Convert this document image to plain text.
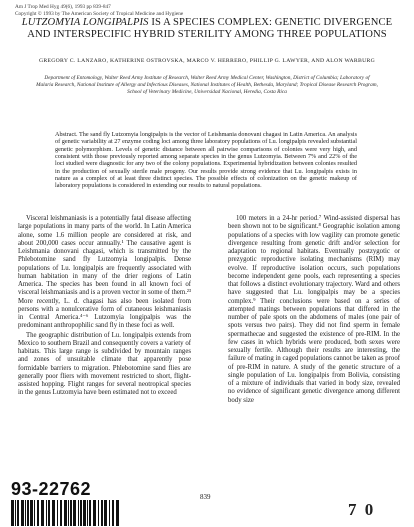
Am J Trop Med Hyg 49(6), 1993 pp 839-847
Copyright © 1993 by The American Society of Tropical Medicine and Hygiene
LUTZOMYIA LONGIPALPIS IS A SPECIES COMPLEX: GENETIC DIVERGENCE AND INTERSPECIFIC HYBRID STERILITY AMONG THREE POPULATIONS
GREGORY C. LANZARO, KATHERINE OSTROVSKA, MARCO V. HERRERO, PHILLIP G. LAWYER, AND ALON WARBURG
Department of Entomology, Walter Reed Army Institute of Research, Walter Reed Army Medical Center, Washington, District of Columbia; Laboratory of Malaria Research, National Institute of Allergy and Infectious Diseases, National Institutes of Health, Bethesda, Maryland; Tropical Disease Research Program, School of Veterinary Medicine, Universidad Nacional, Heredia, Costa Rica
Abstract. The sand fly Lutzomyia longipalpis is the vector of Leishmania donovani chagasi in Latin America. An analysis of genetic variability at 27 enzyme coding loci among three laboratory populations of Lu. longipalpis revealed substantial genetic polymorphism. Levels of genetic distance between all pairwise comparisons of colonies were very high, and consistent with those previously reported among separate species in the genus Lutzomyia. Between 7% and 22% of the loci studied were diagnostic for any two of the colony populations. Experimental hybridization between colonies resulted in the production of sexually sterile male progeny. Our results provide strong evidence that Lu. longipalpis exists in nature as a complex of at least three distinct species. The possible effects of colonization on the genetic makeup of laboratory populations is considered in extending our results to natural populations.

Visceral leishmaniasis is a potentially fatal disease affecting large populations in many parts of the world. In Latin America alone, some 1.6 million people are considered at risk, and about 200,000 cases occur annually.¹ The causative agent is Leishmania donovani chagasi, which is transmitted by the Phlebotomine sand fly Lutzomyia longipalpis. Dense populations of Lu. longipalpis are frequently associated with human habitation in many of the drier regions of Latin America. The species has been found in all known foci of visceral leishmaniasis and is a proven vector in some of them.²³ More recently, L. d. chagasi has also been isolated from persons with a nonulcerative form of cutaneous leishmaniasis in Central America.⁴⁻⁶ Lutzomyia longipalpis was the predominant anthropophilic sand fly in these foci as well.

The geographic distribution of Lu. longipalpis extends from Mexico to southern Brazil and consequently covers a variety of habitats. This large range is subdivided by mountain ranges and zones of unsuitable climate that apparently pose formidable barriers to migration. Phlebotomine sand flies are generally poor fliers with movement restricted to short, flight-assisted hopping. Flight ranges for several neotropical species in the genus Lutzomyia have been estimated not to exceed

100 meters in a 24-hr period.⁷ Wind-assisted dispersal has been shown not to be significant.⁸ Geographic isolation among populations of a species with low vagility can promote genetic divergence resulting from genetic drift and/or selection for adaptation to regional habitats. Eventually postzygotic or prezygotic reproductive isolating mechanisms (RIM) may evolve. If reproductive isolation occurs, such populations become independent gene pools, each representing a species that follows a distinct evolutionary trajectory. Ward and others have suggested that Lu. longipalpis may be a species complex.⁹ Their conclusions were based on a series of attempted matings between populations that differed in the number of pale spots on the abdomens of males (one pair of spots versus two pairs). They did not find sperm in female spermathecae and suggested the existence of pre-RIM. In the few cases in which hybrids were produced, both sexes were sexually fertile. Although their results are interesting, the failure of mating in caged populations cannot be taken as proof of pre-RIM in nature. A study of the genetic structure of a single population of Lu. longipalpis from Bolivia, consisting of a mixture of individuals that varied in body size, revealed no evidence of significant genetic divergence among different body size

839
93-22762
7 0
